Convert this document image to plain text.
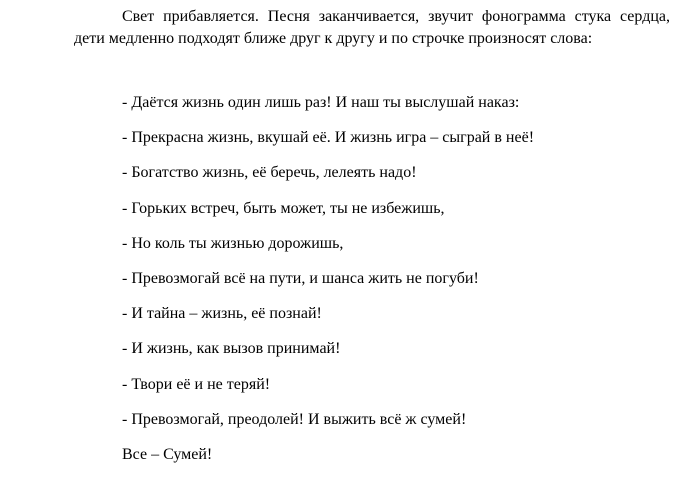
Свет прибавляется. Песня заканчивается, звучит фонограмма стука сердца, дети медленно подходят ближе друг к другу и по строчке произносят слова:

- Даётся жизнь один лишь раз! И наш ты выслушай наказ:
- Прекрасна жизнь, вкушай её. И жизнь игра – сыграй в неё!
- Богатство жизнь, её беречь, лелеять надо!
- Горьких встреч, быть может, ты не избежишь,
- Но коль ты жизнью дорожишь,
- Превозмогай всё на пути, и шанса жить не погуби!
- И тайна – жизнь, её познай!
- И жизнь, как вызов принимай!
- Твори её и не теряй!
- Превозмогай, преодолей! И выжить всё ж сумей!
Все – Сумей!
